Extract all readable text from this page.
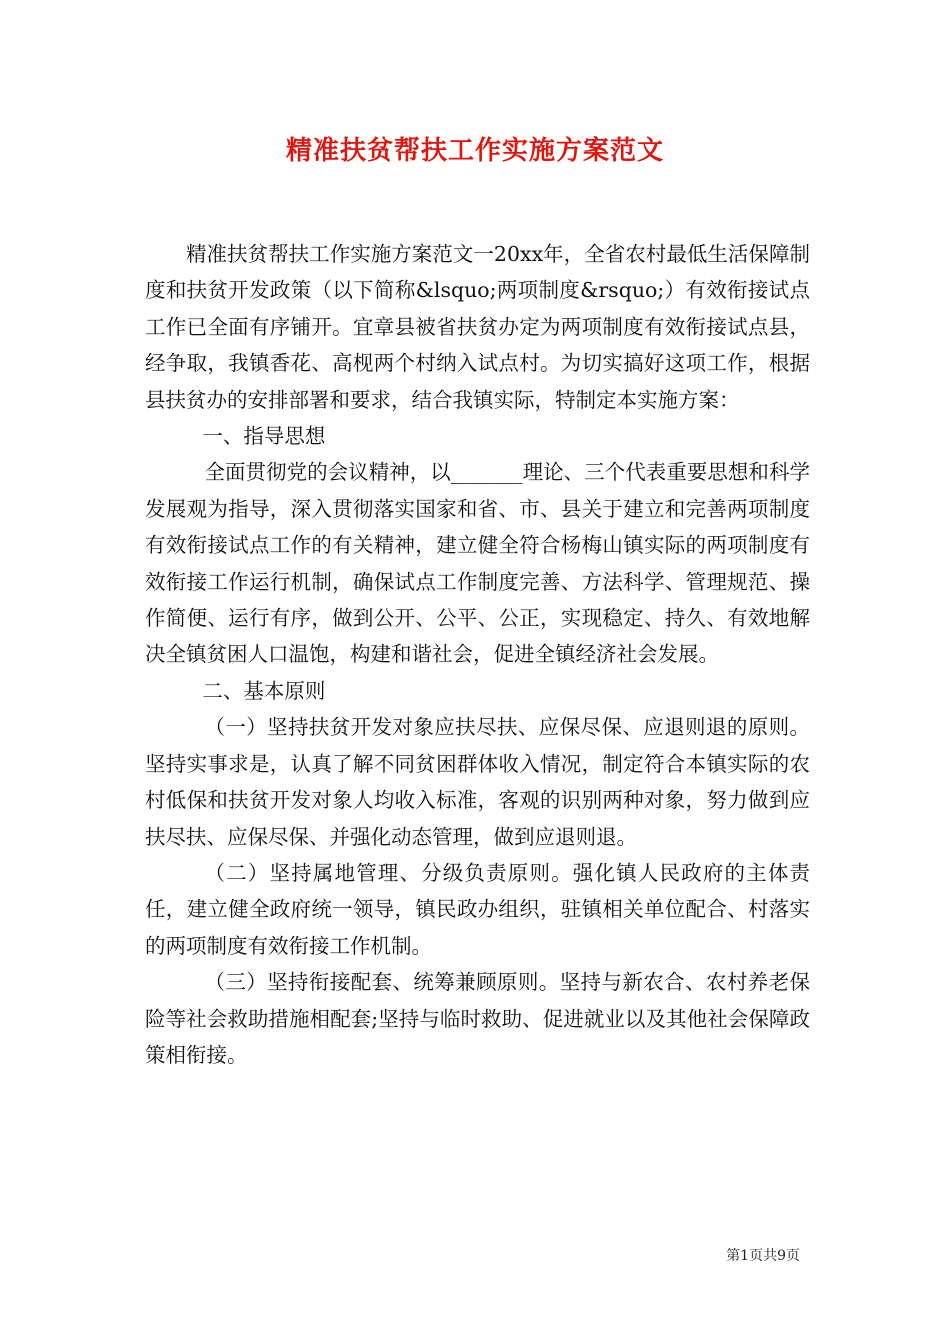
精准扶贫帮扶工作实施方案范文

精准扶贫帮扶工作实施方案范文一20xx年，全省农村最低生活保障制度和扶贫开发政策（以下简称&lsquo;两项制度&rsquo;）有效衔接试点工作已全面有序铺开。宜章县被省扶贫办定为两项制度有效衔接试点县，经争取，我镇香花、高枧两个村纳入试点村。为切实搞好这项工作，根据县扶贫办的安排部署和要求，结合我镇实际，特制定本实施方案：

一、指导思想

全面贯彻党的会议精神，以_______理论、三个代表重要思想和科学发展观为指导，深入贯彻落实国家和省、市、县关于建立和完善两项制度有效衔接试点工作的有关精神，建立健全符合杨梅山镇实际的两项制度有效衔接工作运行机制，确保试点工作制度完善、方法科学、管理规范、操作简便、运行有序，做到公开、公平、公正，实现稳定、持久、有效地解决全镇贫困人口温饱，构建和谐社会，促进全镇经济社会发展。

二、基本原则

（一）坚持扶贫开发对象应扶尽扶、应保尽保、应退则退的原则。坚持实事求是，认真了解不同贫困群体收入情况，制定符合本镇实际的农村低保和扶贫开发对象人均收入标准，客观的识别两种对象，努力做到应扶尽扶、应保尽保、并强化动态管理，做到应退则退。

（二）坚持属地管理、分级负责原则。强化镇人民政府的主体责任，建立健全政府统一领导，镇民政办组织，驻镇相关单位配合、村落实的两项制度有效衔接工作机制。

（三）坚持衔接配套、统筹兼顾原则。坚持与新农合、农村养老保险等社会救助措施相配套;坚持与临时救助、促进就业以及其他社会保障政策相衔接。

第1页共9页
